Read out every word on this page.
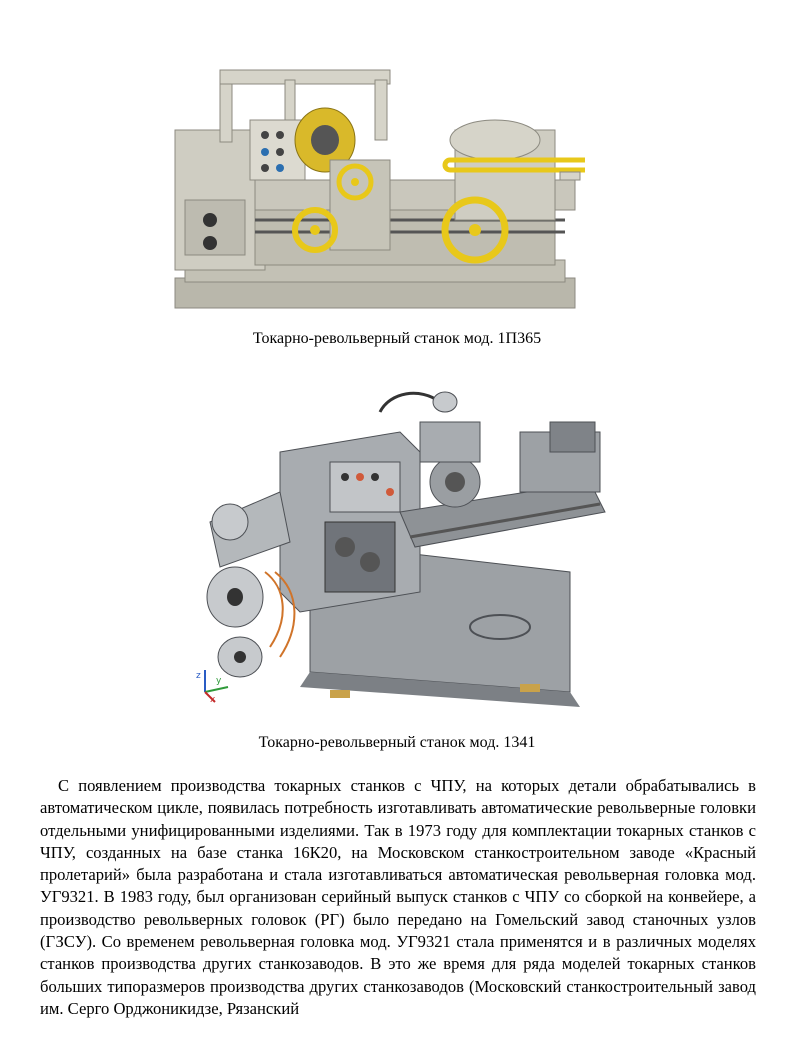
Токарно-револьверный станок мод. 1П365
z y
x
Токарно-револьверный станок мод. 1341

С появлением производства токарных станков с ЧПУ, на которых детали обрабатывались в автоматическом цикле, появилась потребность изготавливать автоматические револьверные головки отдельными унифицированными изделиями. Так в 1973 году для комплектации токарных станков с ЧПУ, созданных на базе станка 16К20, на Московском станкостроительном заводе «Красный пролетарий» была разработана и стала изготавливаться автоматическая револьверная головка мод. УГ9321. В 1983 году, был организован серийный выпуск станков с ЧПУ со сборкой на конвейере, а производство револьверных головок (РГ) было передано на Гомельский завод станочных узлов (ГЗСУ). Со временем револьверная головка мод. УГ9321 стала применятся и в различных моделях станков производства других станкозаводов. В это же время для ряда моделей токарных станков больших типоразмеров производства других станкозаводов (Московский станкостроительный завод им. Серго Орджоникидзе, Рязанский
